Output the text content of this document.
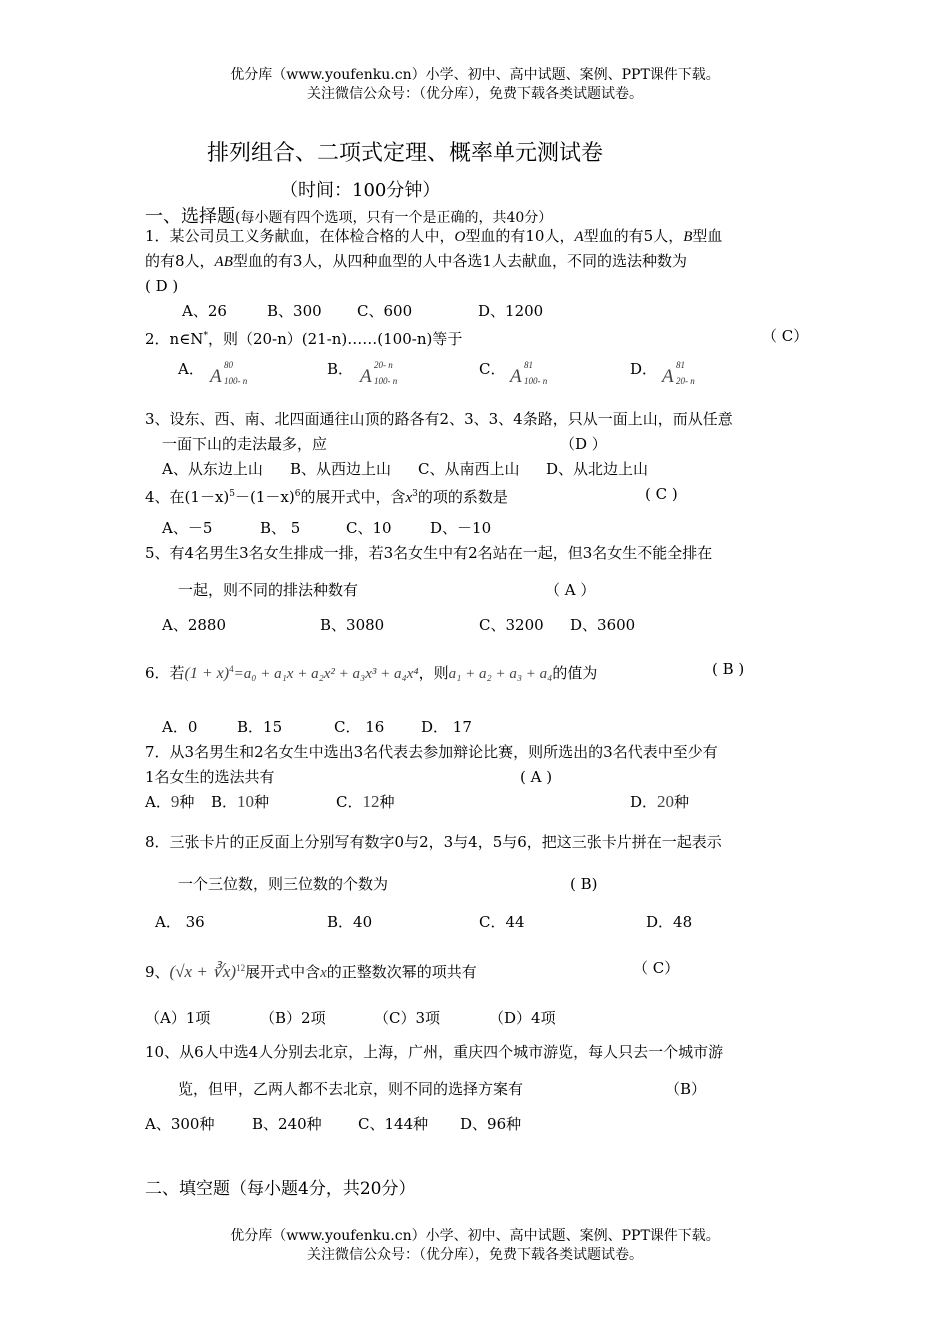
优分库（www.youfenku.cn）小学、初中、高中试题、案例、PPT课件下载。
关注微信公众号：（优分库），免费下载各类试题试卷。
排列组合、二项式定理、概率单元测试卷
（时间：100分钟）
一、选择题(每小题有四个选项，只有一个是正确的，共40分）
1．某公司员工义务献血，在体检合格的人中，O型血的有10人，A型血的有5人，B型血
的有8人，AB型血的有3人，从四种血型的人中各选1人去献血，不同的选法种数为
( D )
A、26	B、300 C、600	D、1200
2．n∈N*，则（20-n）(21-n)……(100-n)等于	（ C）
A． A
80
100- n
B． A
20- n
100- n
C． A
81
100- n
D． A
81
20- n
3、设东、西、南、北四面通往山顶的路各有2、3、3、4条路，只从一面上山，而从任意
一面下山的走法最多，应	（D ）
A、从东边上山 B、从西边上山 C、从南西上山 D、从北边上山
4、在$(1-x)^5-(1-x)^6$的展开式中，含$x^3$的项的系数是	( C )
A、－5	B、 5	C、10	D、－10
5、有4名男生3名女生排成一排，若3名女生中有2名站在一起，但3名女生不能全排在
一起，则不同的排法种数有	（ A ）
A、2880	B、3080	C、3200 D、3600
6．若$(1 + x)^4=a_0 + a_1x + a_2x^2 + a_3x^3 + a_4x^4$，则a₁ + a₂ + a₃ + a₄的值为	( B )
A．0	B．15	C． 16 D． 17
7．从3名男生和2名女生中选出3名代表去参加辩论比赛，则所选出的3名代表中至少有
1名女生的选法共有	( A )
A．9种 B．10种	C．12种	D．20种
8．三张卡片的正反面上分别写有数字0与2，3与4，5与6，把这三张卡片拼在一起表示
一个三位数，则三位数的个数为	( B)
A． 36	B．40	C．44	D．48
9、(√x + ∛x)$^{12}$展开式中含x的正整数次幂的项共有	（ C）
（A）1项	（B）2项	（C）3项	（D）4项
10、从6人中选4人分别去北京，上海，广州，重庆四个城市游览，每人只去一个城市游
览，但甲，乙两人都不去北京，则不同的选择方案有	（B）
A、300种	B、240种 C、144种 D、96种
二、填空题（每小题4分，共20分）
优分库（www.youfenku.cn）小学、初中、高中试题、案例、PPT课件下载。
关注微信公众号：（优分库），免费下载各类试题试卷。
